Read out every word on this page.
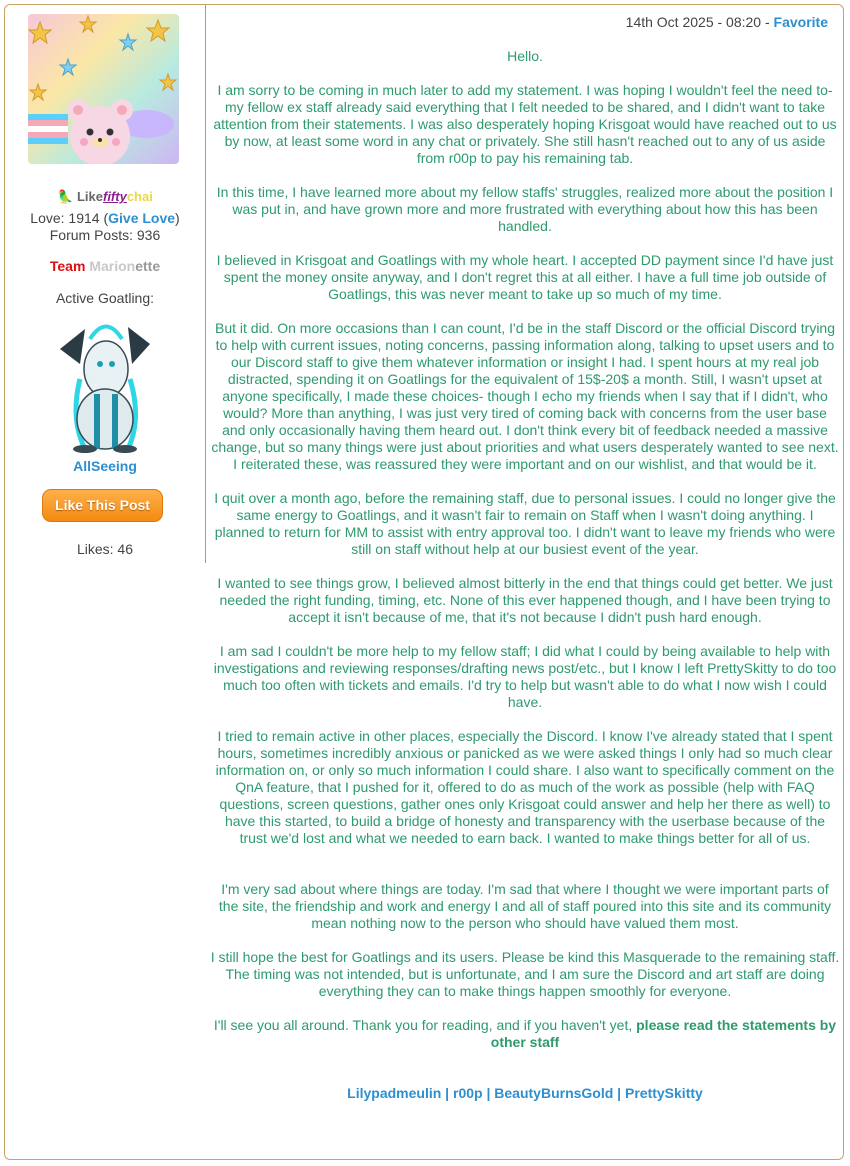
🦜 Likefiftychai
Love: 1914 (Give Love)
Forum Posts: 936
Team Marionette
Active Goatling:
AllSeeing
Like This Post
Likes: 46
14th Oct 2025 - 08:20 - Favorite

Hello.

I am sorry to be coming in much later to add my statement. I was hoping I wouldn't feel the need to- my fellow ex staff already said everything that I felt needed to be shared, and I didn't want to take attention from their statements. I was also desperately hoping Krisgoat would have reached out to us by now, at least some word in any chat or privately. She still hasn't reached out to any of us aside from r00p to pay his remaining tab.

In this time, I have learned more about my fellow staffs' struggles, realized more about the position I was put in, and have grown more and more frustrated with everything about how this has been handled.

I believed in Krisgoat and Goatlings with my whole heart. I accepted DD payment since I'd have just spent the money onsite anyway, and I don't regret this at all either. I have a full time job outside of Goatlings, this was never meant to take up so much of my time.

But it did. On more occasions than I can count, I'd be in the staff Discord or the official Discord trying to help with current issues, noting concerns, passing information along, talking to upset users and to our Discord staff to give them whatever information or insight I had. I spent hours at my real job distracted, spending it on Goatlings for the equivalent of 15$-20$ a month. Still, I wasn't upset at anyone specifically, I made these choices- though I echo my friends when I say that if I didn't, who would? More than anything, I was just very tired of coming back with concerns from the user base and only occasionally having them heard out. I don't think every bit of feedback needed a massive change, but so many things were just about priorities and what users desperately wanted to see next. I reiterated these, was reassured they were important and on our wishlist, and that would be it.

I quit over a month ago, before the remaining staff, due to personal issues. I could no longer give the same energy to Goatlings, and it wasn't fair to remain on Staff when I wasn't doing anything. I planned to return for MM to assist with entry approval too. I didn't want to leave my friends who were still on staff without help at our busiest event of the year.

I wanted to see things grow, I believed almost bitterly in the end that things could get better. We just needed the right funding, timing, etc. None of this ever happened though, and I have been trying to accept it isn't because of me, that it's not because I didn't push hard enough.

I am sad I couldn't be more help to my fellow staff; I did what I could by being available to help with investigations and reviewing responses/drafting news post/etc., but I know I left PrettySkitty to do too much too often with tickets and emails. I'd try to help but wasn't able to do what I now wish I could have.

I tried to remain active in other places, especially the Discord. I know I've already stated that I spent hours, sometimes incredibly anxious or panicked as we were asked things I only had so much clear information on, or only so much information I could share. I also want to specifically comment on the QnA feature, that I pushed for it, offered to do as much of the work as possible (help with FAQ questions, screen questions, gather ones only Krisgoat could answer and help her there as well) to have this started, to build a bridge of honesty and transparency with the userbase because of the trust we'd lost and what we needed to earn back. I wanted to make things better for all of us.

I'm very sad about where things are today. I'm sad that where I thought we were important parts of the site, the friendship and work and energy I and all of staff poured into this site and its community mean nothing now to the person who should have valued them most.

I still hope the best for Goatlings and its users. Please be kind this Masquerade to the remaining staff. The timing was not intended, but is unfortunate, and I am sure the Discord and art staff are doing everything they can to make things happen smoothly for everyone.

I'll see you all around. Thank you for reading, and if you haven't yet, please read the statements by other staff

Lilypadmeulin | r00p | BeautyBurnsGold | PrettySkitty
